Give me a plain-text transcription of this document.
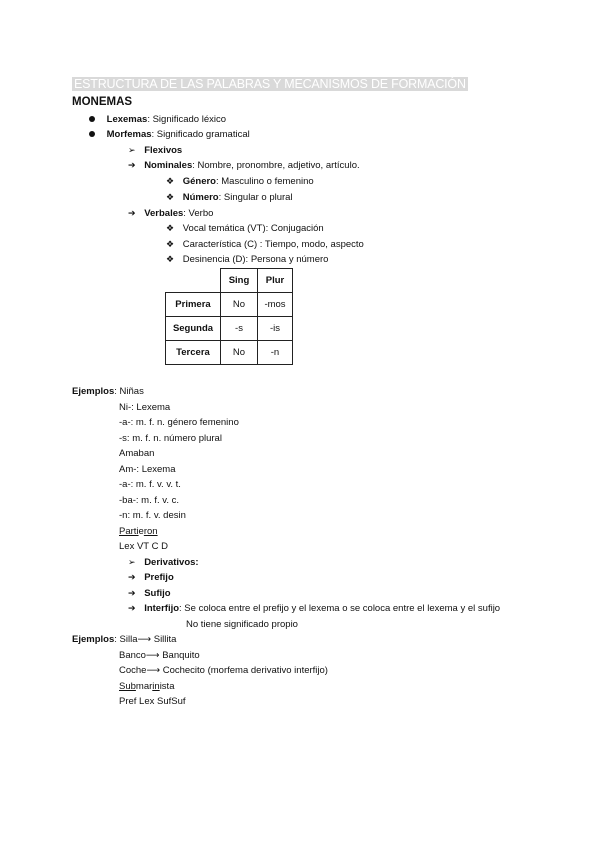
ESTRUCTURA DE LAS PALABRAS Y MECANISMOS DE FORMACIÓN
MONEMAS
Lexemas: Significado léxico
Morfemas: Significado gramatical
➢ Flexivos
➔ Nominales: Nombre, pronombre, adjetivo, artículo.
❖ Género: Masculino o femenino
❖ Número: Singular o plural
➔ Verbales: Verbo
❖ Vocal temática (VT): Conjugación
❖ Característica (C) : Tiempo, modo, aspecto
❖ Desinencia (D): Persona y número
	Sing	Plur
Primera	No	-mos
Segunda	-s	-is
Tercera	No	-n
Ejemplos: Niñas
Ni-: Lexema
-a-: m. f. n. género femenino
-s: m. f. n. número plural
Amaban
Am-: Lexema
-a-: m. f. v. v. t.
-ba-: m. f. v. c.
-n: m. f. v. desin
Partieron
Lex VT C D
➢ Derivativos:
➔ Prefijo
➔ Sufijo
➔ Interfijo: Se coloca entre el prefijo y el lexema o se coloca entre el lexema y el sufijo
No tiene significado propio
Ejemplos: Silla⟶ Sillita
Banco⟶ Banquito
Coche⟶ Cochecito (morfema derivativo interfijo)
Submarinista
Pref Lex SufSuf
